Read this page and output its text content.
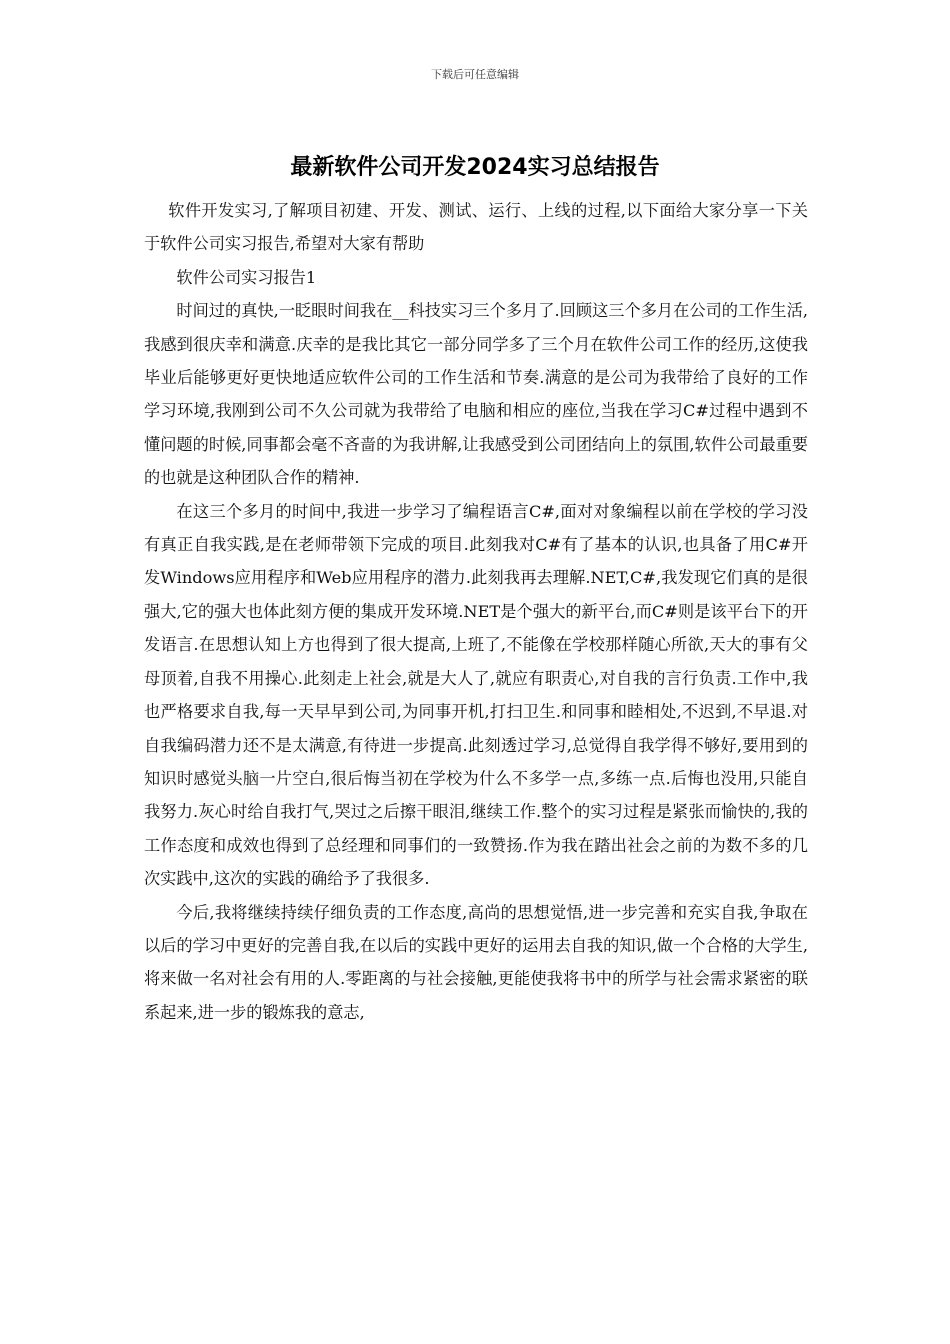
下载后可任意编辑
最新软件公司开发2024实习总结报告

软件开发实习,了解项目初建、开发、测试、运行、上线的过程,以下面给大家分享一下关于软件公司实习报告,希望对大家有帮助

软件公司实习报告1

时间过的真快,一眨眼时间我在__科技实习三个多月了.回顾这三个多月在公司的工作生活,我感到很庆幸和满意.庆幸的是我比其它一部分同学多了三个月在软件公司工作的经历,这使我毕业后能够更好更快地适应软件公司的工作生活和节奏.满意的是公司为我带给了良好的工作学习环境,我刚到公司不久公司就为我带给了电脑和相应的座位,当我在学习C#过程中遇到不懂问题的时候,同事都会毫不吝啬的为我讲解,让我感受到公司团结向上的氛围,软件公司最重要的也就是这种团队合作的精神.

在这三个多月的时间中,我进一步学习了编程语言C#,面对对象编程以前在学校的学习没有真正自我实践,是在老师带领下完成的项目.此刻我对C#有了基本的认识,也具备了用C#开发Windows应用程序和Web应用程序的潜力.此刻我再去理解.NET,C#,我发现它们真的是很强大,它的强大也体此刻方便的集成开发环境.NET是个强大的新平台,而C#则是该平台下的开发语言.在思想认知上方也得到了很大提高,上班了,不能像在学校那样随心所欲,天大的事有父母顶着,自我不用操心.此刻走上社会,就是大人了,就应有职责心,对自我的言行负责.工作中,我也严格要求自我,每一天早早到公司,为同事开机,打扫卫生.和同事和睦相处,不迟到,不早退.对自我编码潜力还不是太满意,有待进一步提高.此刻透过学习,总觉得自我学得不够好,要用到的知识时感觉头脑一片空白,很后悔当初在学校为什么不多学一点,多练一点.后悔也没用,只能自我努力.灰心时给自我打气,哭过之后擦干眼泪,继续工作.整个的实习过程是紧张而愉快的,我的工作态度和成效也得到了总经理和同事们的一致赞扬.作为我在踏出社会之前的为数不多的几次实践中,这次的实践的确给予了我很多.

今后,我将继续持续仔细负责的工作态度,高尚的思想觉悟,进一步完善和充实自我,争取在以后的学习中更好的完善自我,在以后的实践中更好的运用去自我的知识,做一个合格的大学生,将来做一名对社会有用的人.零距离的与社会接触,更能使我将书中的所学与社会需求紧密的联系起来,进一步的锻炼我的意志,
